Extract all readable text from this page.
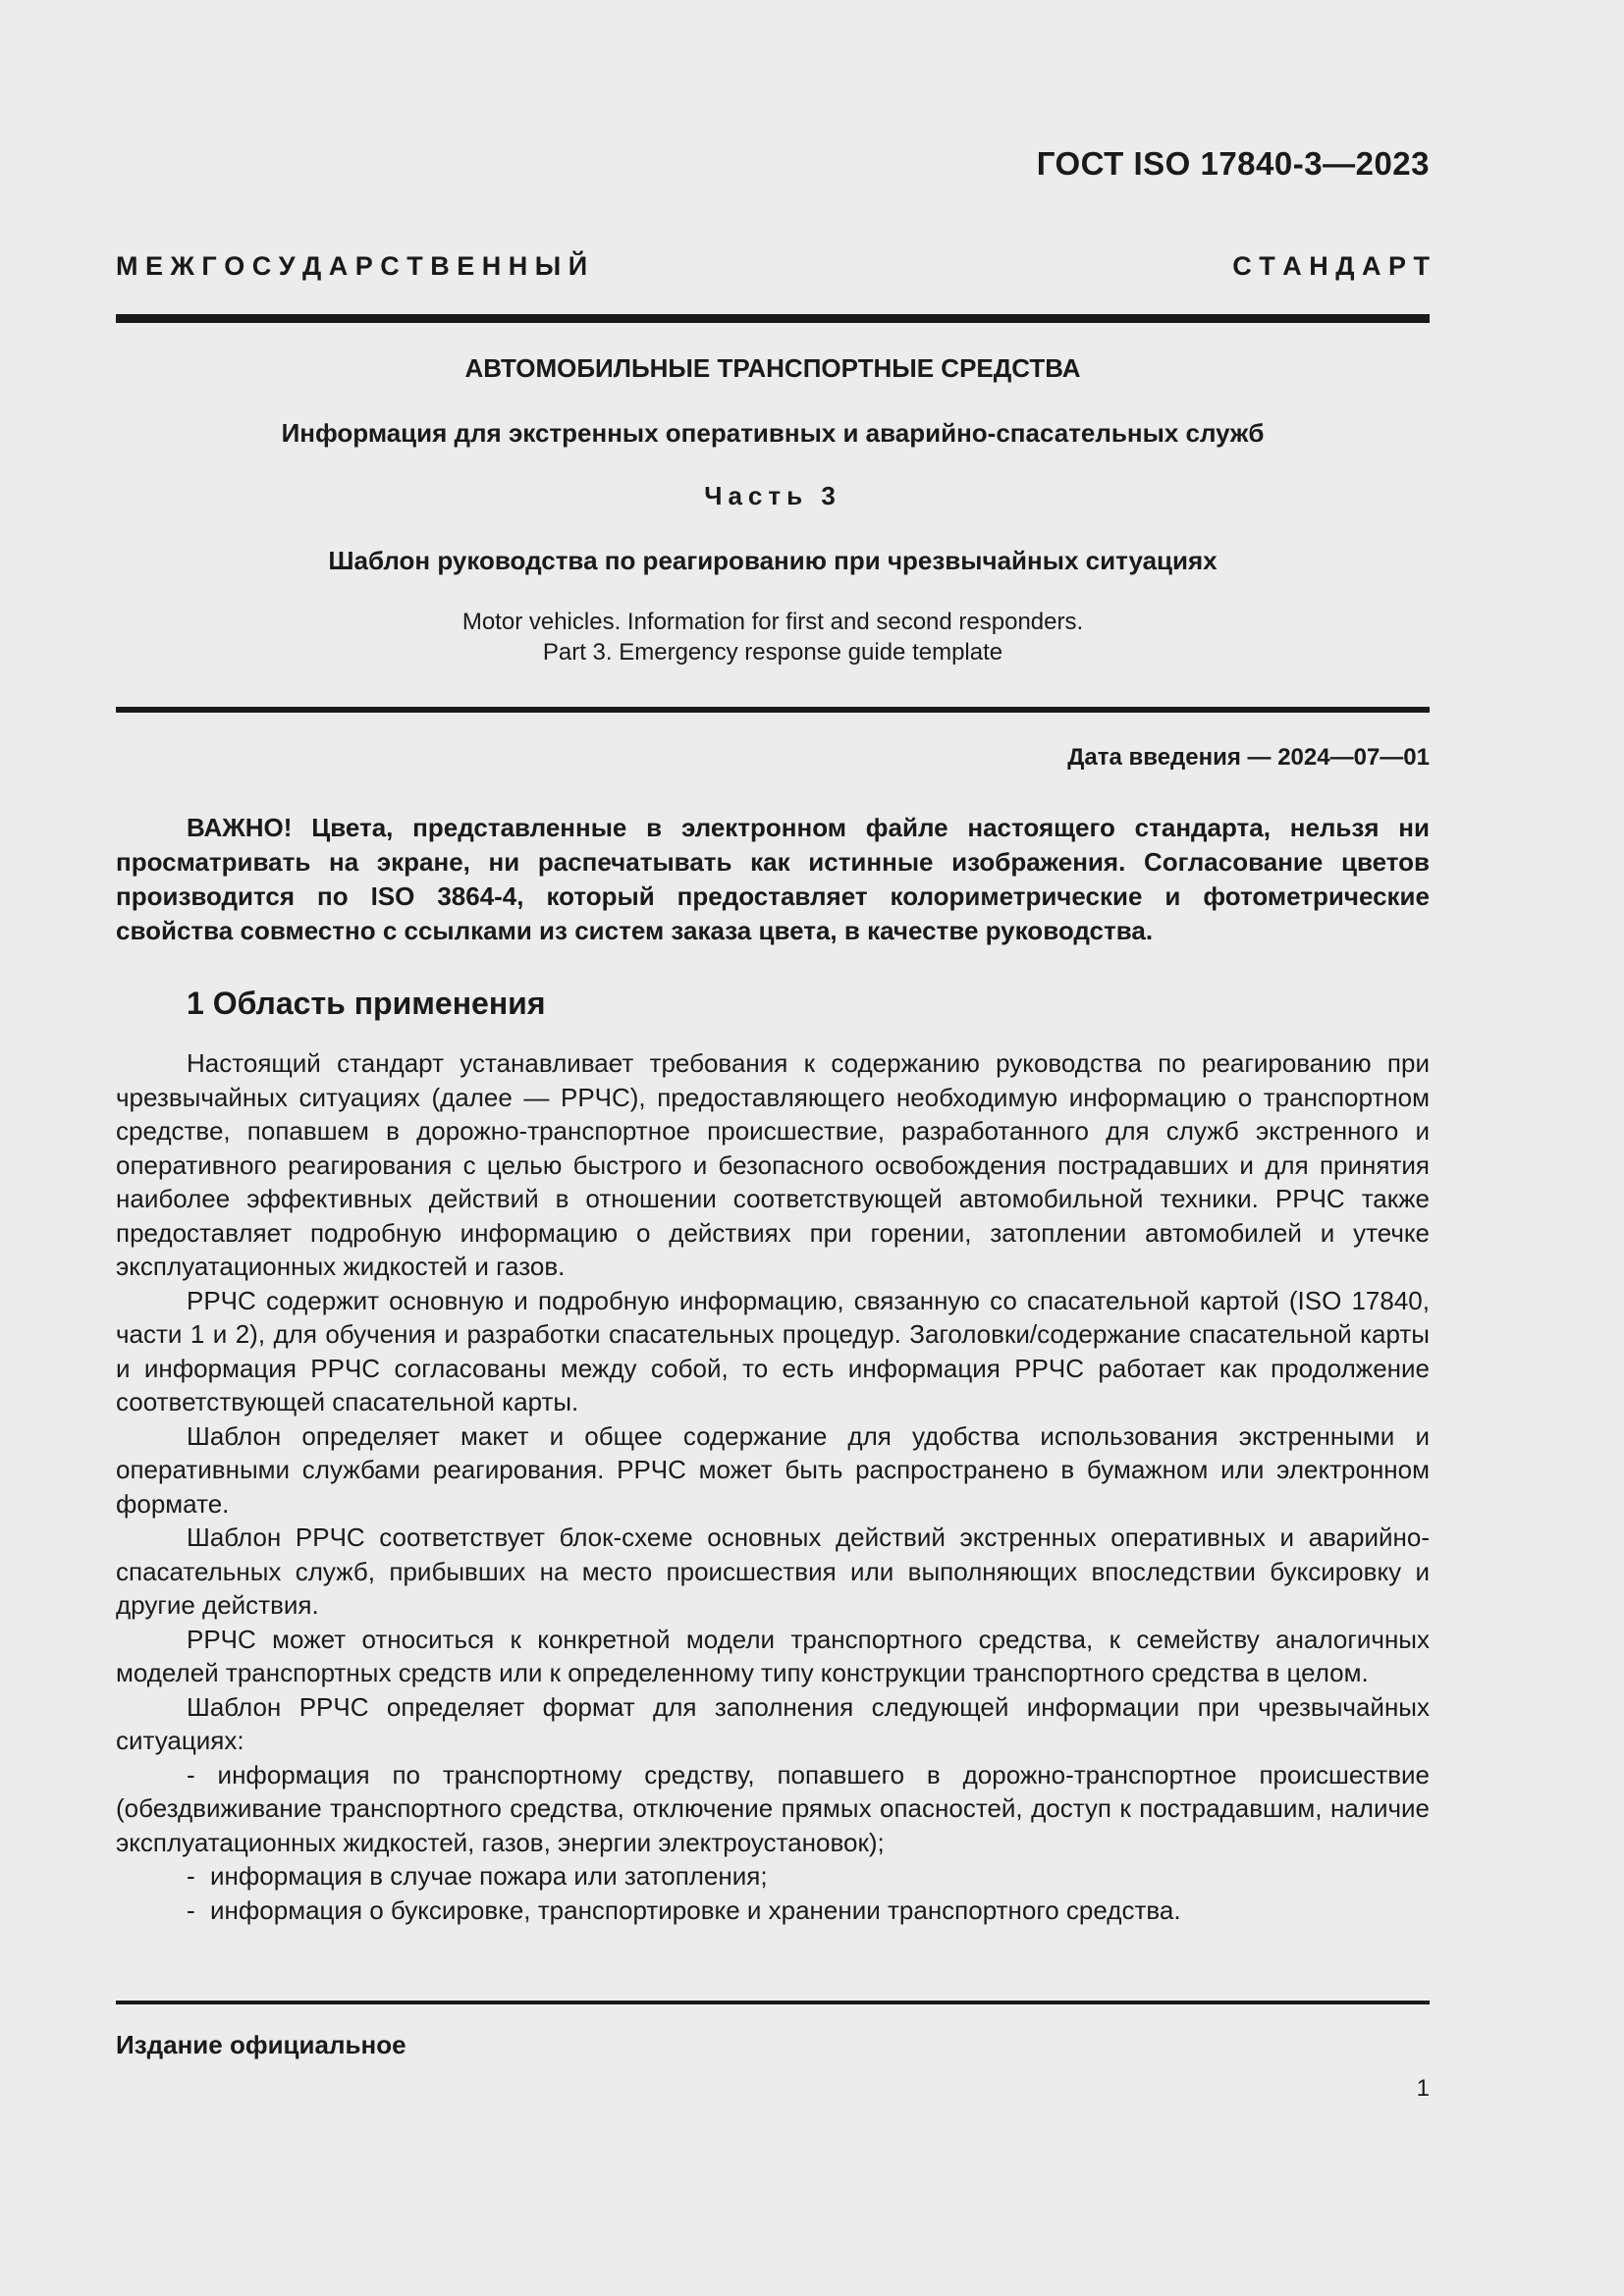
ГОСТ ISO 17840-3—2023
М Е Ж Г О С У Д А Р С Т В Е Н Н Ы Й	С Т А Н Д А Р Т
АВТОМОБИЛЬНЫЕ ТРАНСПОРТНЫЕ СРЕДСТВА
Информация для экстренных оперативных и аварийно-спасательных служб
Часть 3
Шаблон руководства по реагированию при чрезвычайных ситуациях
Motor vehicles. Information for first and second responders.
Part 3. Emergency response guide template
Дата введения — 2024—07—01

ВАЖНО! Цвета, представленные в электронном файле настоящего стандарта, нельзя ни просматривать на экране, ни распечатывать как истинные изображения. Согласование цветов производится по ISO 3864-4, который предоставляет колориметрические и фотометрические свойства совместно с ссылками из систем заказа цвета, в качестве руководства.

1 Область применения

Настоящий стандарт устанавливает требования к содержанию руководства по реагированию при чрезвычайных ситуациях (далее — РРЧС), предоставляющего необходимую информацию о транспортном средстве, попавшем в дорожно-транспортное происшествие, разработанного для служб экстренного и оперативного реагирования с целью быстрого и безопасного освобождения пострадавших и для принятия наиболее эффективных действий в отношении соответствующей автомобильной техники. РРЧС также предоставляет подробную информацию о действиях при горении, затоплении автомобилей и утечке эксплуатационных жидкостей и газов.

РРЧС содержит основную и подробную информацию, связанную со спасательной картой (ISO 17840, части 1 и 2), для обучения и разработки спасательных процедур. Заголовки/содержание спасательной карты и информация РРЧС согласованы между собой, то есть информация РРЧС работает как продолжение соответствующей спасательной карты.

Шаблон определяет макет и общее содержание для удобства использования экстренными и оперативными службами реагирования. РРЧС может быть распространено в бумажном или электронном формате.

Шаблон РРЧС соответствует блок-схеме основных действий экстренных оперативных и аварийно-спасательных служб, прибывших на место происшествия или выполняющих впоследствии буксировку и другие действия.

РРЧС может относиться к конкретной модели транспортного средства, к семейству аналогичных моделей транспортных средств или к определенному типу конструкции транспортного средства в целом.

Шаблон РРЧС определяет формат для заполнения следующей информации при чрезвычайных ситуациях:

- информация по транспортному средству, попавшего в дорожно-транспортное происшествие (обездвиживание транспортного средства, отключение прямых опасностей, доступ к пострадавшим, наличие эксплуатационных жидкостей, газов, энергии электроустановок);
- информация в случае пожара или затопления;
- информация о буксировке, транспортировке и хранении транспортного средства.
Издание официальное
1
